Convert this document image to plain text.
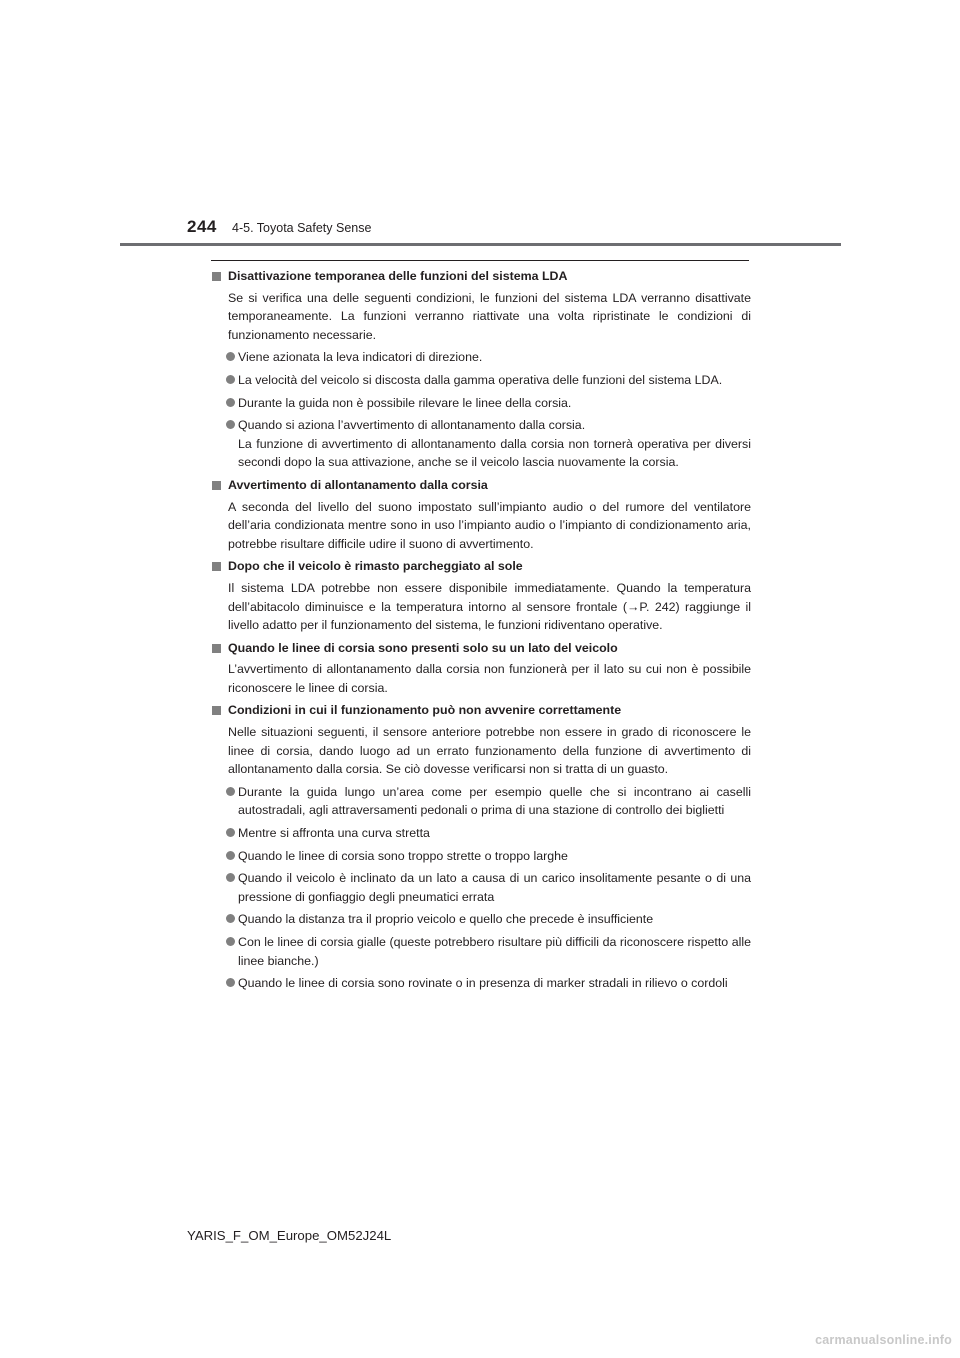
244 4-5. Toyota Safety Sense
Disattivazione temporanea delle funzioni del sistema LDA
Se si verifica una delle seguenti condizioni, le funzioni del sistema LDA verranno disattivate temporaneamente. La funzioni verranno riattivate una volta ripristinate le condizioni di funzionamento necessarie.
Viene azionata la leva indicatori di direzione.
La velocità del veicolo si discosta dalla gamma operativa delle funzioni del sistema LDA.
Durante la guida non è possibile rilevare le linee della corsia.
Quando si aziona l’avvertimento di allontanamento dalla corsia.
La funzione di avvertimento di allontanamento dalla corsia non tornerà operativa per diversi secondi dopo la sua attivazione, anche se il veicolo lascia nuovamente la corsia.
Avvertimento di allontanamento dalla corsia
A seconda del livello del suono impostato sull’impianto audio o del rumore del ventilatore dell’aria condizionata mentre sono in uso l’impianto audio o l’impianto di condizionamento aria, potrebbe risultare difficile udire il suono di avvertimento.
Dopo che il veicolo è rimasto parcheggiato al sole
Il sistema LDA potrebbe non essere disponibile immediatamente. Quando la temperatura dell’abitacolo diminuisce e la temperatura intorno al sensore frontale (→P. 242) raggiunge il livello adatto per il funzionamento del sistema, le funzioni ridiventano operative.
Quando le linee di corsia sono presenti solo su un lato del veicolo
L’avvertimento di allontanamento dalla corsia non funzionerà per il lato su cui non è possibile riconoscere le linee di corsia.
Condizioni in cui il funzionamento può non avvenire correttamente
Nelle situazioni seguenti, il sensore anteriore potrebbe non essere in grado di riconoscere le linee di corsia, dando luogo ad un errato funzionamento della funzione di avvertimento di allontanamento dalla corsia. Se ciò dovesse verificarsi non si tratta di un guasto.
Durante la guida lungo un’area come per esempio quelle che si incontrano ai caselli autostradali, agli attraversamenti pedonali o prima di una stazione di controllo dei biglietti
Mentre si affronta una curva stretta
Quando le linee di corsia sono troppo strette o troppo larghe
Quando il veicolo è inclinato da un lato a causa di un carico insolitamente pesante o di una pressione di gonfiaggio degli pneumatici errata
Quando la distanza tra il proprio veicolo e quello che precede è insufficiente
Con le linee di corsia gialle (queste potrebbero risultare più difficili da riconoscere rispetto alle linee bianche.)
Quando le linee di corsia sono rovinate o in presenza di marker stradali in rilievo o cordoli
YARIS_F_OM_Europe_OM52J24L
carmanualsonline.info
